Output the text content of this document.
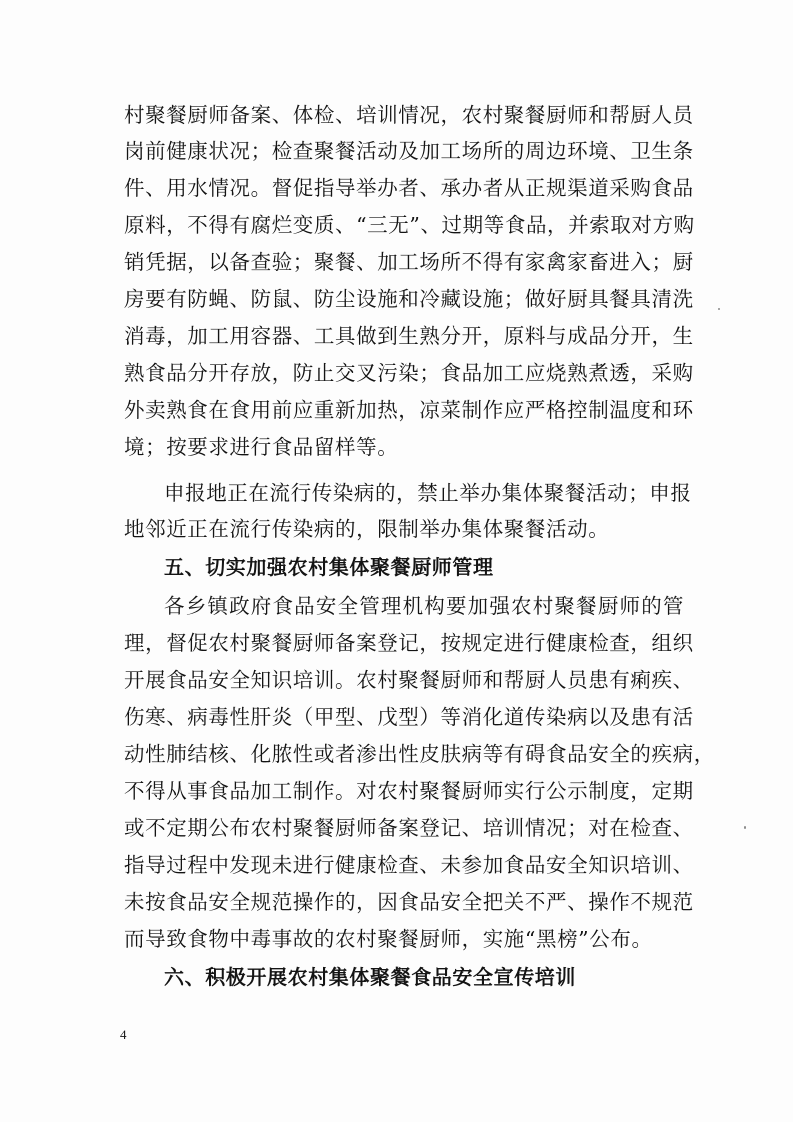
村聚餐厨师备案、体检、培训情况，农村聚餐厨师和帮厨人员
岗前健康状况；检查聚餐活动及加工场所的周边环境、卫生条
件、用水情况。督促指导举办者、承办者从正规渠道采购食品
原料，不得有腐烂变质、“三无”、过期等食品，并索取对方购
销凭据，以备查验；聚餐、加工场所不得有家禽家畜进入；厨
房要有防蝇、防鼠、防尘设施和冷藏设施；做好厨具餐具清洗
消毒，加工用容器、工具做到生熟分开，原料与成品分开，生
熟食品分开存放，防止交叉污染；食品加工应烧熟煮透，采购
外卖熟食在食用前应重新加热，凉菜制作应严格控制温度和环
境；按要求进行食品留样等。
申报地正在流行传染病的，禁止举办集体聚餐活动；申报
地邻近正在流行传染病的，限制举办集体聚餐活动。
五、切实加强农村集体聚餐厨师管理
各乡镇政府食品安全管理机构要加强农村聚餐厨师的管
理，督促农村聚餐厨师备案登记，按规定进行健康检查，组织
开展食品安全知识培训。农村聚餐厨师和帮厨人员患有痢疾、
伤寒、病毒性肝炎（甲型、戊型）等消化道传染病以及患有活
动性肺结核、化脓性或者渗出性皮肤病等有碍食品安全的疾病，
不得从事食品加工制作。对农村聚餐厨师实行公示制度，定期
或不定期公布农村聚餐厨师备案登记、培训情况；对在检查、
指导过程中发现未进行健康检查、未参加食品安全知识培训、
未按食品安全规范操作的，因食品安全把关不严、操作不规范
而导致食物中毒事故的农村聚餐厨师，实施“黑榜”公布。
六、积极开展农村集体聚餐食品安全宣传培训
4
